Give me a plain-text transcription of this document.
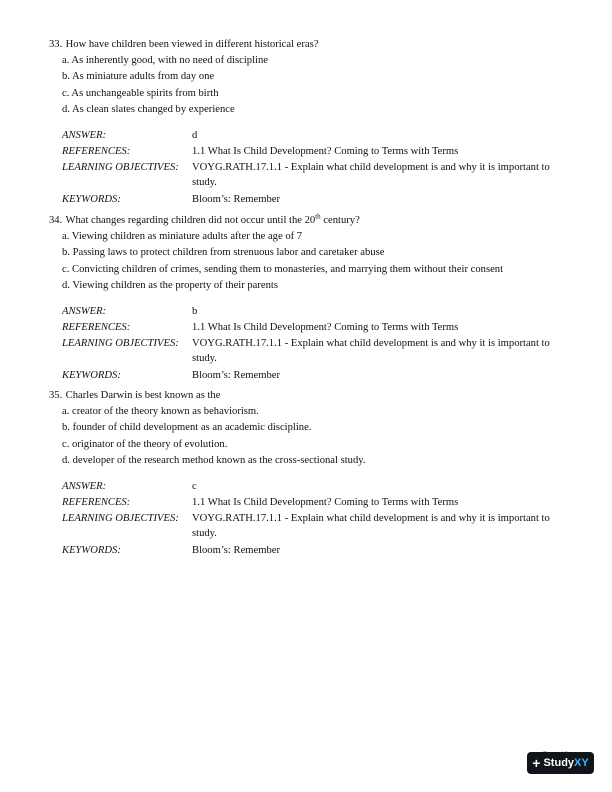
33. How have children been viewed in different historical eras?

a. As inherently good, with no need of discipline
b. As miniature adults from day one
c. As unchangeable spirits from birth
d. As clean slates changed by experience
ANSWER:	d
REFERENCES:	1.1 What Is Child Development? Coming to Terms with Terms
LEARNING OBJECTIVES:	VOYG.RATH.17.1.1 - Explain what child development is and why it is important to study.
KEYWORDS:	Bloom’s: Remember

34. What changes regarding children did not occur until the 20th century?

a. Viewing children as miniature adults after the age of 7
b. Passing laws to protect children from strenuous labor and caretaker abuse
c. Convicting children of crimes, sending them to monasteries, and marrying them without their consent
d. Viewing children as the property of their parents
ANSWER:	b
REFERENCES:	1.1 What Is Child Development? Coming to Terms with Terms
LEARNING OBJECTIVES:	VOYG.RATH.17.1.1 - Explain what child development is and why it is important to study.
KEYWORDS:	Bloom’s: Remember

35. Charles Darwin is best known as the

a. creator of the theory known as behaviorism.
b. founder of child development as an academic discipline.
c. originator of the theory of evolution.
d. developer of the research method known as the cross-sectional study.
ANSWER:	c
REFERENCES:	1.1 What Is Child Development? Coming to Terms with Terms
LEARNING OBJECTIVES:	VOYG.RATH.17.1.1 - Explain what child development is and why it is important to study.
KEYWORDS:	Bloom’s: Remember
+ StudyXY
